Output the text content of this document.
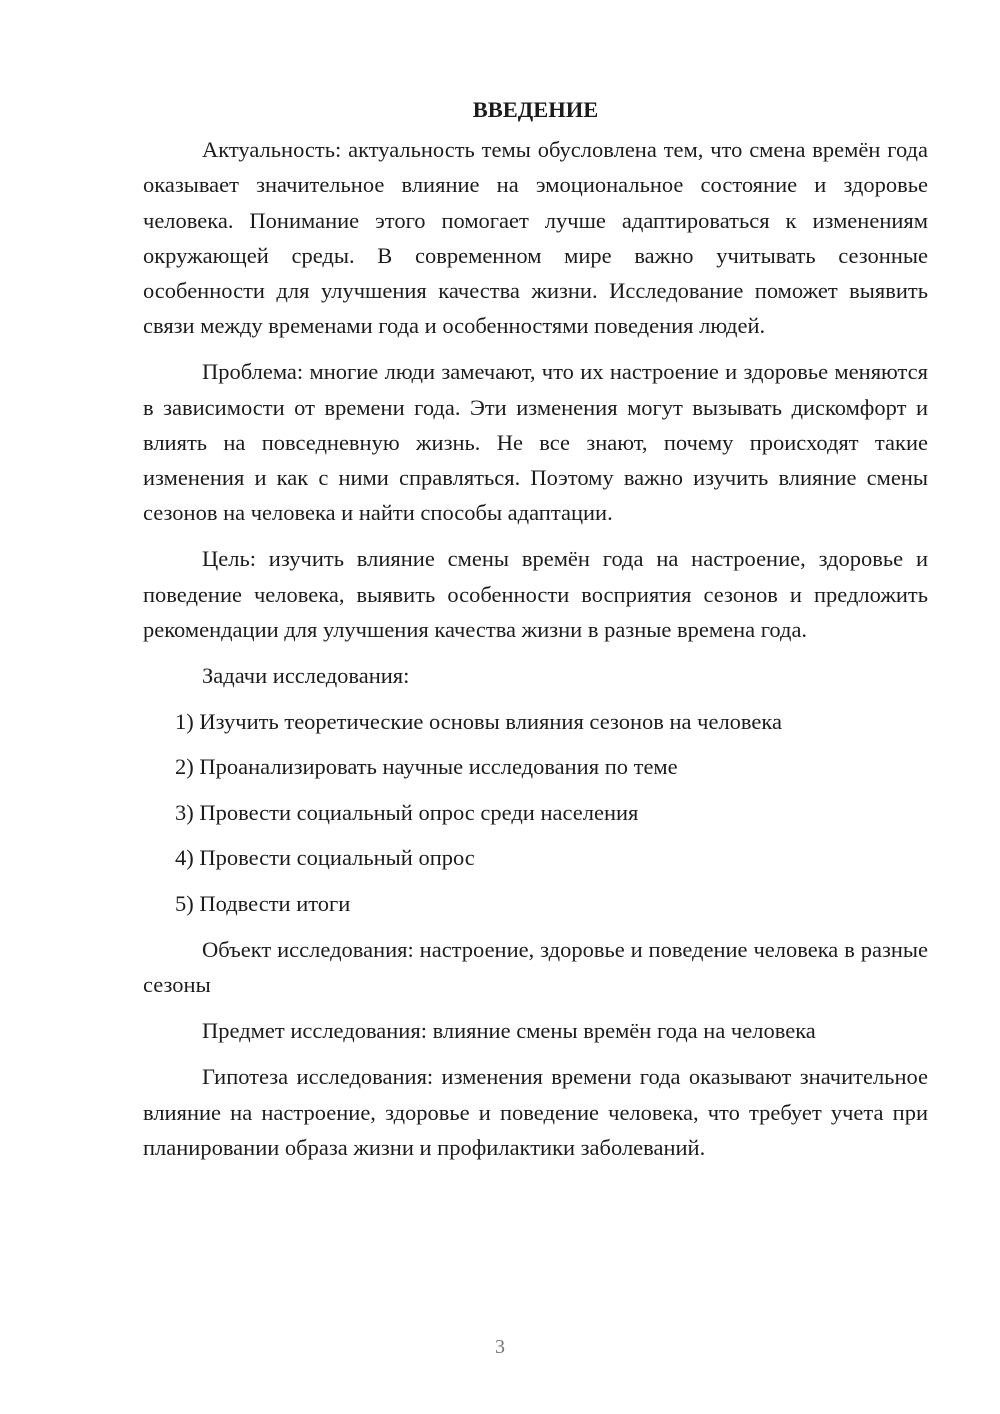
ВВЕДЕНИЕ

Актуальность: актуальность темы обусловлена тем, что смена времён года оказывает значительное влияние на эмоциональное состояние и здоровье человека. Понимание этого помогает лучше адаптироваться к изменениям окружающей среды. В современном мире важно учитывать сезонные особенности для улучшения качества жизни. Исследование поможет выявить связи между временами года и особенностями поведения людей.

Проблема: многие люди замечают, что их настроение и здоровье меняются в зависимости от времени года. Эти изменения могут вызывать дискомфорт и влиять на повседневную жизнь. Не все знают, почему происходят такие изменения и как с ними справляться. Поэтому важно изучить влияние смены сезонов на человека и найти способы адаптации.

Цель: изучить влияние смены времён года на настроение, здоровье и поведение человека, выявить особенности восприятия сезонов и предложить рекомендации для улучшения качества жизни в разные времена года.

Задачи исследования:

1) Изучить теоретические основы влияния сезонов на человека
2) Проанализировать научные исследования по теме
3) Провести социальный опрос среди населения
4) Провести социальный опрос
5) Подвести итоги

Объект исследования: настроение, здоровье и поведение человека в разные сезоны

Предмет исследования: влияние смены времён года на человека

Гипотеза исследования: изменения времени года оказывают значительное влияние на настроение, здоровье и поведение человека, что требует учета при планировании образа жизни и профилактики заболеваний.

3
